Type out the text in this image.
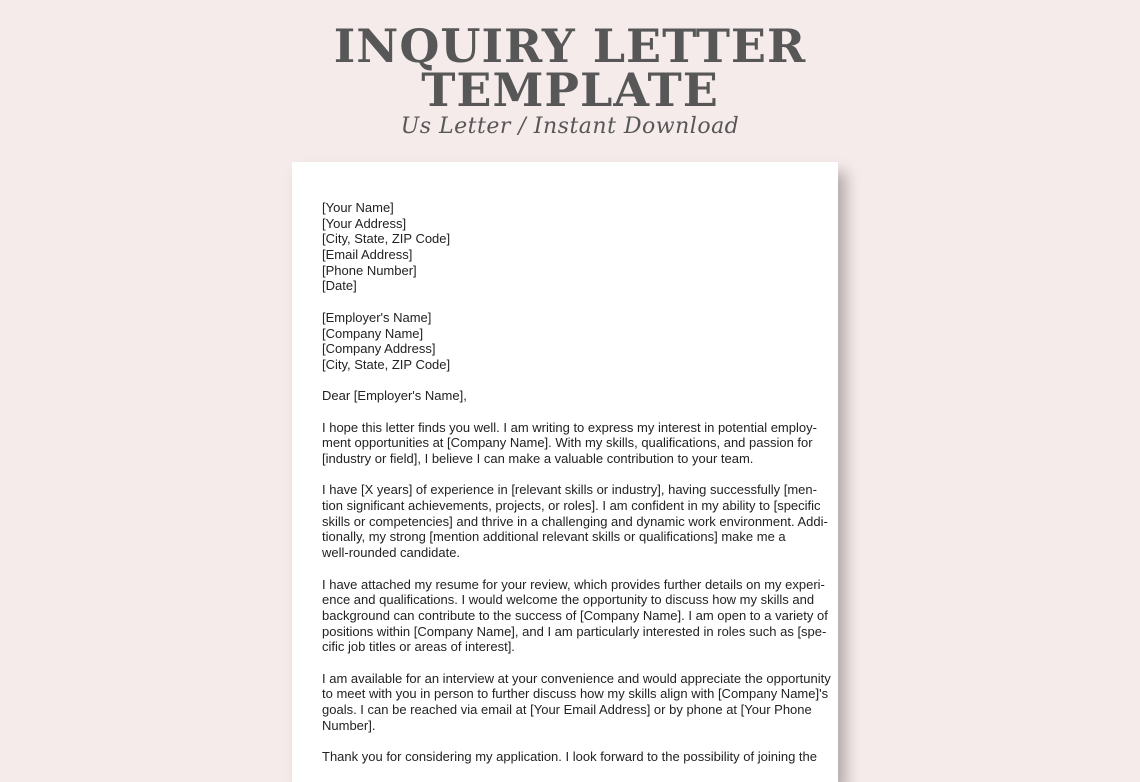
INQUIRY LETTER
TEMPLATE
Us Letter / Instant Download
[Your Name]
[Your Address]
[City, State, ZIP Code]
[Email Address]
[Phone Number]
[Date]
[Employer's Name]
[Company Name]
[Company Address]
[City, State, ZIP Code]
Dear [Employer's Name],
I hope this letter finds you well. I am writing to express my interest in potential employ-
ment opportunities at [Company Name]. With my skills, qualifications, and passion for
[industry or field], I believe I can make a valuable contribution to your team.
I have [X years] of experience in [relevant skills or industry], having successfully [men-
tion significant achievements, projects, or roles]. I am confident in my ability to [specific
skills or competencies] and thrive in a challenging and dynamic work environment. Addi-
tionally, my strong [mention additional relevant skills or qualifications] make me a
well-rounded candidate.
I have attached my resume for your review, which provides further details on my experi-
ence and qualifications. I would welcome the opportunity to discuss how my skills and
background can contribute to the success of [Company Name]. I am open to a variety of
positions within [Company Name], and I am particularly interested in roles such as [spe-
cific job titles or areas of interest].
I am available for an interview at your convenience and would appreciate the opportunity
to meet with you in person to further discuss how my skills align with [Company Name]'s
goals. I can be reached via email at [Your Email Address] or by phone at [Your Phone
Number].
Thank you for considering my application. I look forward to the possibility of joining the
